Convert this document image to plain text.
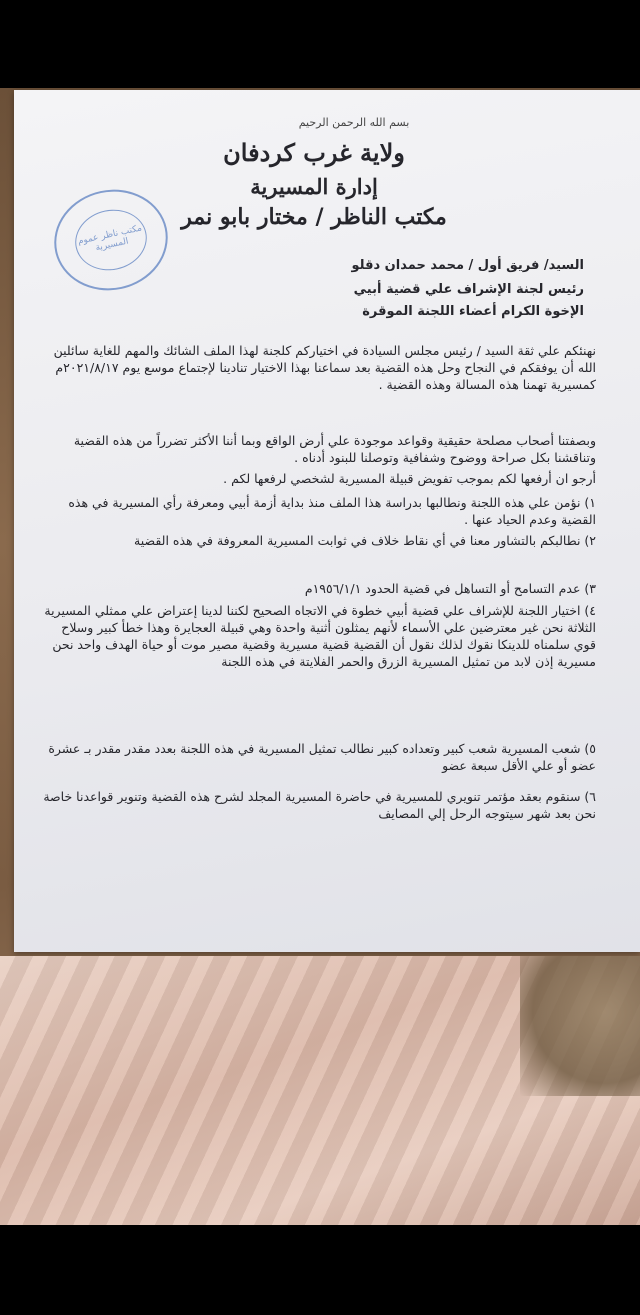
بسم الله الرحمن الرحيم
ولاية غرب كردفان
إدارة المسيرية
مكتب الناظر / مختار بابو نمر
مكتب ناظر عموم المسيرية
السيد/ فريق أول / محمد حمدان دقلو
رئيس لجنة الإشراف علي قضية أبيي
الإخوة الكرام أعضاء اللجنة الموقرة
نهنئكم علي ثقة السيد / رئيس مجلس السيادة في اختياركم كلجنة لهذا الملف الشائك والمهم للغاية سائلين الله أن يوفقكم في النجاح وحل هذه القضية بعد سماعنا بهذا الاختيار تنادينا لإجتماع موسع يوم ٢٠٢١/٨/١٧م كمسيرية تهمنا هذه المسالة وهذه القضية .
وبصفتنا أصحاب مصلحة حقيقية وقواعد موجودة علي أرض الواقع وبما أننا الأكثر تضرراً من هذه القضية وتناقشنا بكل صراحة ووضوح وشفافية وتوصلنا للبنود أدناه .
أرجو ان أرفعها لكم بموجب تفويض قبيلة المسيرية لشخصي لرفعها لكم .
١) نؤمن علي هذه اللجنة ونطالبها بدراسة هذا الملف منذ بداية أزمة أبيي ومعرفة رأي المسيرية في هذه القضية وعدم الحياد عنها .
٢) نطالبكم بالتشاور معنا في أي نقاط خلاف في ثوابت المسيرية المعروفة في هذه القضية
٣) عدم التسامح أو التساهل في قضية الحدود ١٩٥٦/١/١م
٤) اختيار اللجنة للإشراف علي قضية أبيي خطوة في الاتجاه الصحيح لكننا لدينا إعتراض علي ممثلي المسيرية الثلاثة نحن غير معترضين علي الأسماء لأنهم يمثلون أثنية واحدة وهي قبيلة العجايرة وهذا خطأ كبير وسلاح قوي سلمناه للدينكا نقوك لذلك نقول أن القضية قضية مسيرية وقضية مصير موت أو حياة الهدف واحد نحن مسيرية إذن لابد من تمثيل المسيرية الزرق والحمر الفلايتة في هذه اللجنة
٥) شعب المسيرية شعب كبير وتعداده كبير نطالب تمثيل المسيرية في هذه اللجنة بعدد مقدر مقدر بـ عشرة عضو أو علي الأقل سبعة عضو
٦) سنقوم بعقد مؤتمر تنويري للمسيرية في حاضرة المسيرية المجلد لشرح هذه القضية وتنوير قواعدنا خاصة نحن بعد شهر سيتوجه الرحل إلي المصايف
